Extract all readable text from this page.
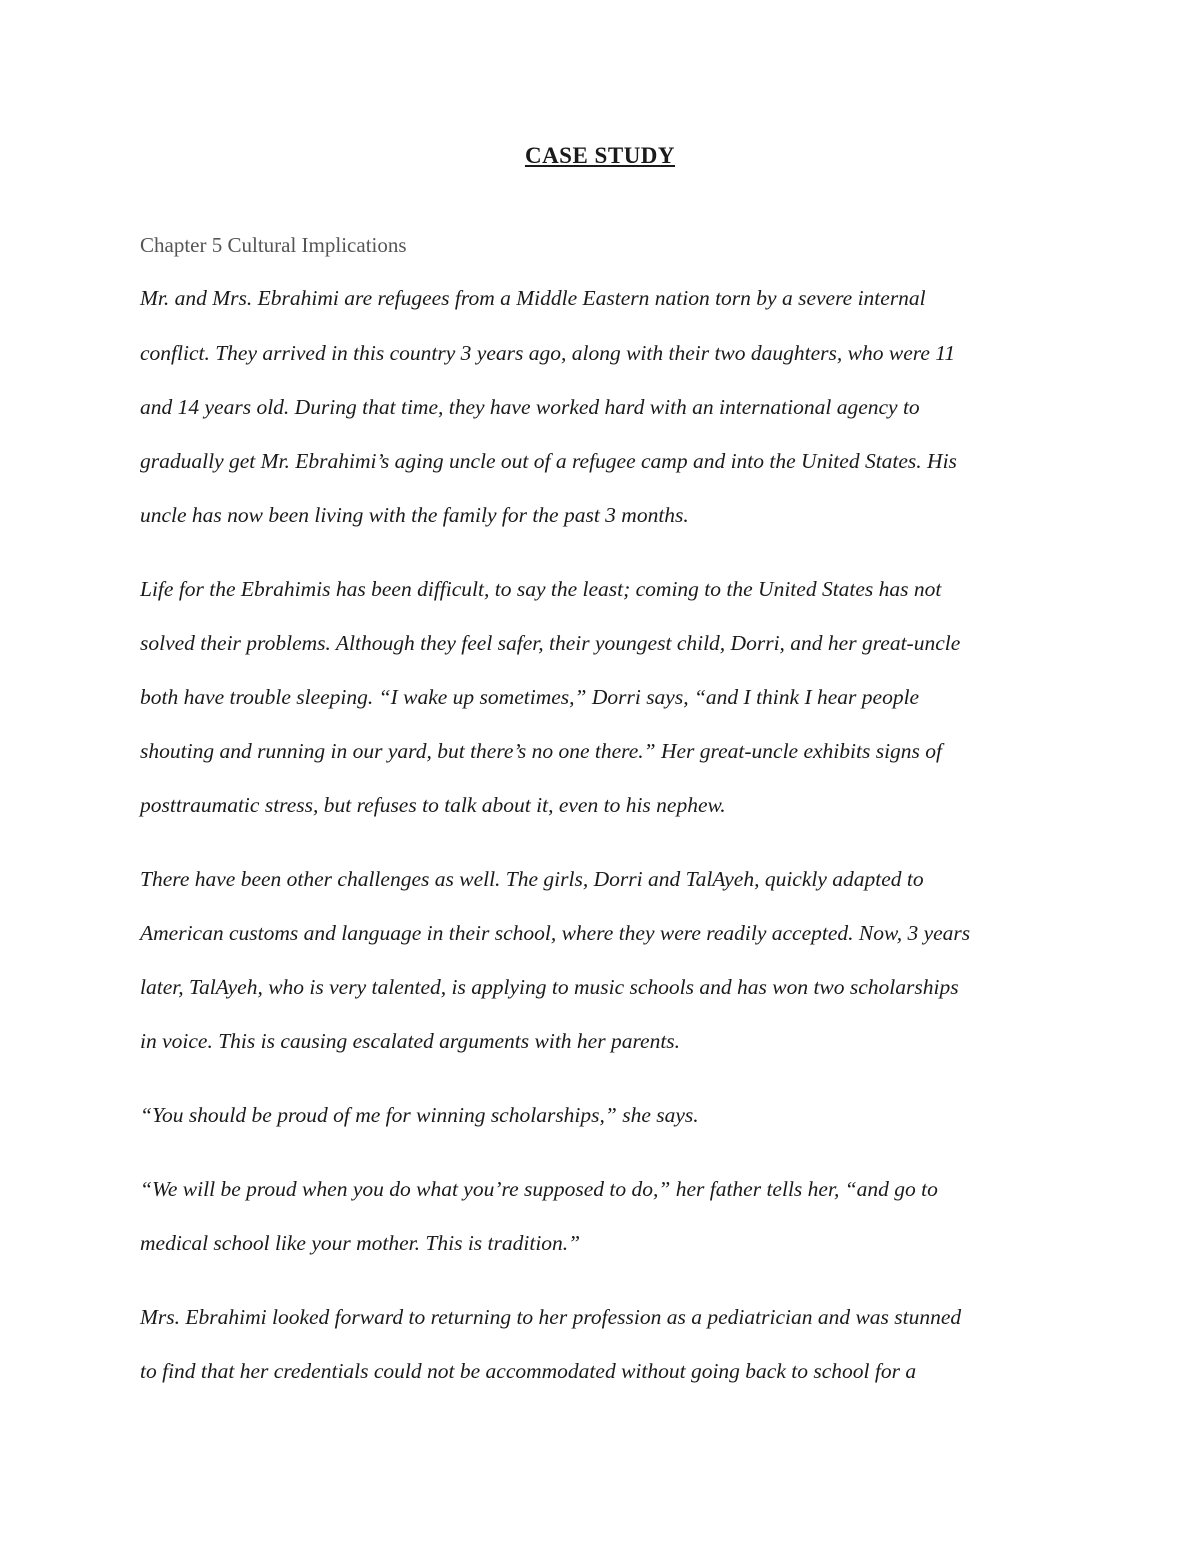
CASE STUDY
Chapter 5 Cultural Implications
Mr. and Mrs. Ebrahimi are refugees from a Middle Eastern nation torn by a severe internal
conflict. They arrived in this country 3 years ago, along with their two daughters, who were 11
and 14 years old. During that time, they have worked hard with an international agency to
gradually get Mr. Ebrahimi’s aging uncle out of a refugee camp and into the United States. His
uncle has now been living with the family for the past 3 months.
Life for the Ebrahimis has been difficult, to say the least; coming to the United States has not
solved their problems. Although they feel safer, their youngest child, Dorri, and her great-uncle
both have trouble sleeping. “I wake up sometimes,” Dorri says, “and I think I hear people
shouting and running in our yard, but there’s no one there.” Her great-uncle exhibits signs of
posttraumatic stress, but refuses to talk about it, even to his nephew.
There have been other challenges as well. The girls, Dorri and TalAyeh, quickly adapted to
American customs and language in their school, where they were readily accepted. Now, 3 years
later, TalAyeh, who is very talented, is applying to music schools and has won two scholarships
in voice. This is causing escalated arguments with her parents.
“You should be proud of me for winning scholarships,” she says.
“We will be proud when you do what you’re supposed to do,” her father tells her, “and go to
medical school like your mother. This is tradition.”
Mrs. Ebrahimi looked forward to returning to her profession as a pediatrician and was stunned
to find that her credentials could not be accommodated without going back to school for a
